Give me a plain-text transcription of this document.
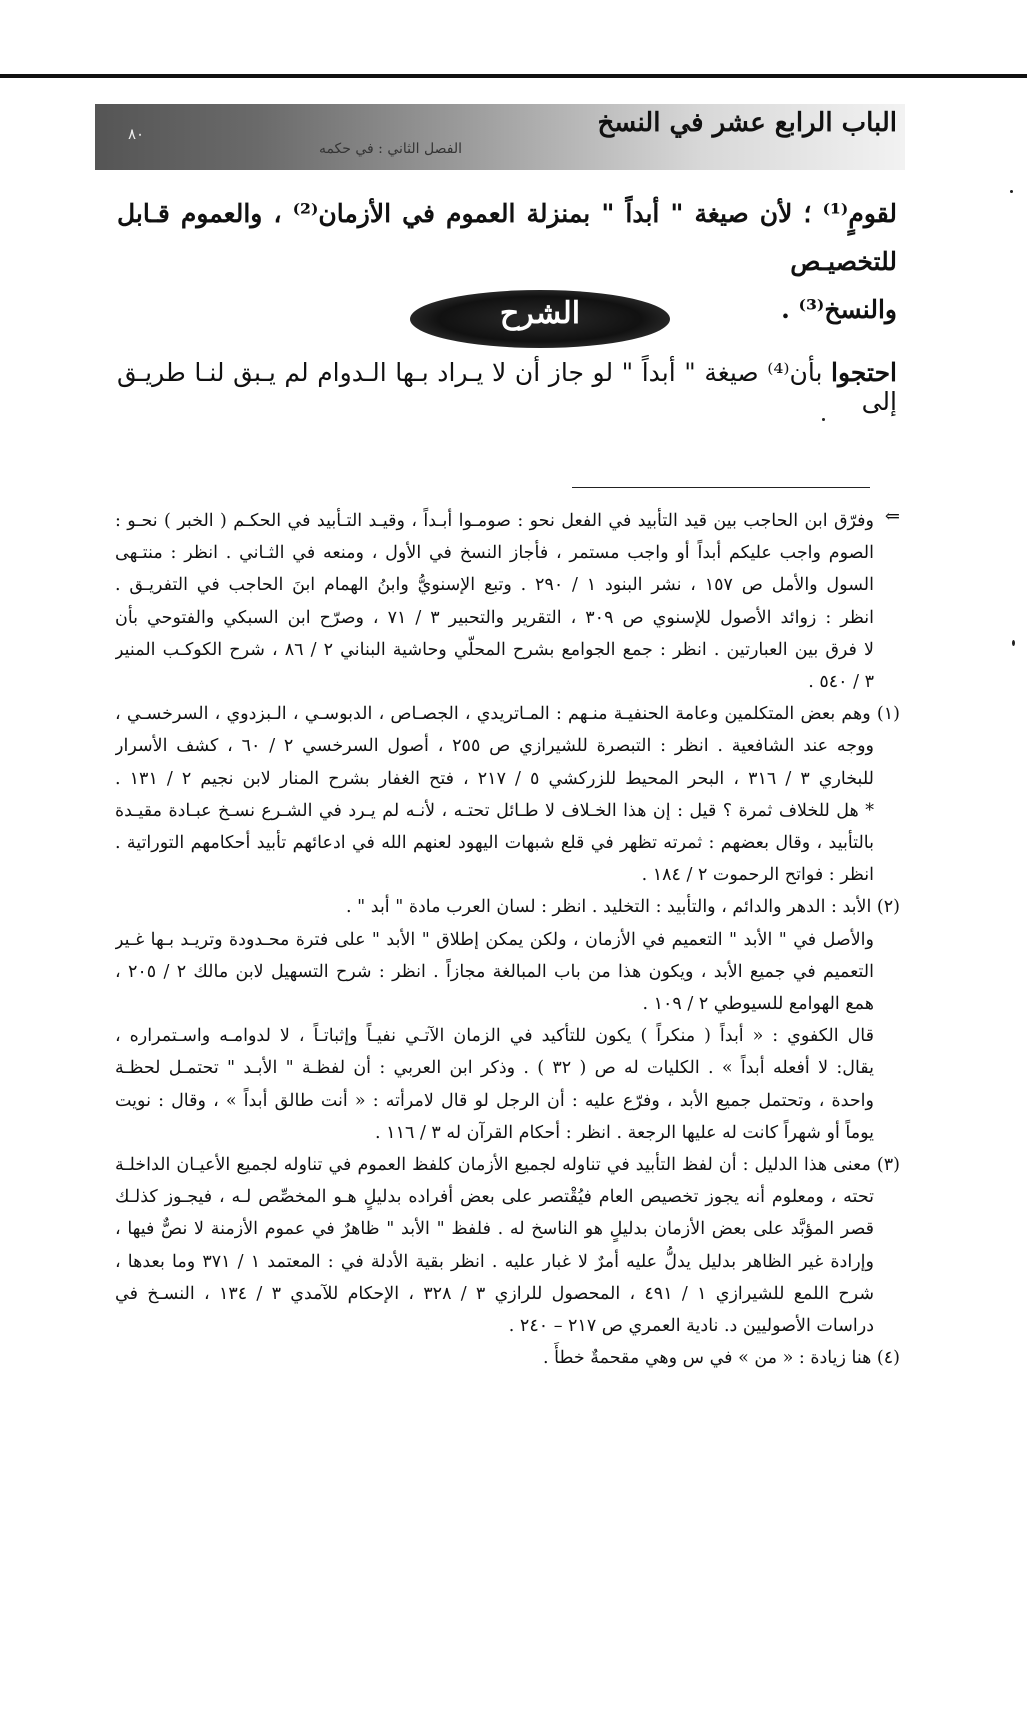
الباب الرابع عشر في النسخ
الفصل الثاني : في حكمه
٨٠
لقومٍ⁽¹⁾ ؛ لأن صيغة " أبداً " بمنزلة العموم في الأزمان⁽²⁾ ، والعموم قـابل للتخصيـص
والنسخ⁽³⁾ .
الشرح
احتجوا بأن⁽⁴⁾ صيغة " أبداً " لو جاز أن لا يـراد بـها الـدوام لم يـبق لنـا طريـق إلى
⇐
وفرّق ابن الحاجب بين قيد التأبيد في الفعل نحو : صومـوا أبـداً ، وقيـد التـأبيد في الحكـم ( الخبر ) نحـو :
الصوم واجب عليكم أبداً أو واجب مستمر ، فأجاز النسخ في الأول ، ومنعه في الثـاني . انظر : منتـهى
السول والأمل ص ١٥٧ ، نشر البنود ١ / ٢٩٠ . وتبع الإسنويُّ وابنُ الهمام ابنَ الحاجب في التفريـق .
انظر : زوائد الأصول للإسنوي ص ٣٠٩ ، التقرير والتحبير ٣ / ٧١ ، وصرّح ابن السبكي والفتوحي بأن
لا فرق بين العبارتين . انظر : جمع الجوامع بشرح المحلّي وحاشية البناني ٢ / ٨٦ ، شرح الكوكـب المنير
٣ / ٥٤٠ .
(١) وهم بعض المتكلمين وعامة الحنفيـة منـهم : المـاتريدي ، الجصـاص ، الدبوسـي ، الـبزدوي ، السرخسـي ،
ووجه عند الشافعية . انظر : التبصرة للشيرازي ص ٢٥٥ ، أصول السرخسي ٢ / ٦٠ ، كشف الأسرار
للبخاري ٣ / ٣١٦ ، البحر المحيط للزركشي ٥ / ٢١٧ ، فتح الغفار بشرح المنار لابن نجيم ٢ / ١٣١ .
* هل للخلاف ثمرة ؟ قيل : إن هذا الخـلاف لا طـائل تحتـه ، لأنـه لم يـرد في الشـرع نسـخ عبـادة مقيـدة
بالتأبيد ، وقال بعضهم : ثمرته تظهر في قلع شبهات اليهود لعنهم الله في ادعائهم تأبيد أحكامهم التوراتية .
انظر : فواتح الرحموت ٢ / ١٨٤ .
(٢) الأبد : الدهر والدائم ، والتأبيد : التخليد . انظر : لسان العرب مادة " أبد " .
والأصل في " الأبد " التعميم في الأزمان ، ولكن يمكن إطلاق " الأبد " على فترة محـدودة وتريـد بـها غـير
التعميم في جميع الأبد ، ويكون هذا من باب المبالغة مجازاً . انظر : شرح التسهيل لابن مالك ٢ / ٢٠٥ ،
همع الهوامع للسيوطي ٢ / ١٠٩ .
قال الكفوي : « أبداً ( منكراً ) يكون للتأكيد في الزمان الآتـي نفيـاً وإثباتـاً ، لا لدوامـه واسـتمراره ،
يقال: لا أفعله أبداً » . الكليات له ص ( ٣٢ ) . وذكر ابن العربي : أن لفظـة " الأبـد " تحتمـل لحظـة
واحدة ، وتحتمل جميع الأبد ، وفرّع عليه : أن الرجل لو قال لامرأته : « أنت طالق أبداً » ، وقال : نويت
يوماً أو شهراً كانت له عليها الرجعة . انظر : أحكام القرآن له ٣ / ١١٦ .
(٣) معنى هذا الدليل : أن لفظ التأبيد في تناوله لجميع الأزمان كلفظ العموم في تناوله لجميع الأعيـان الداخلـة
تحته ، ومعلوم أنه يجوز تخصيص العام فيُقْتصر على بعض أفراده بدليلٍ هـو المخصِّص لـه ، فيجـوز كذلـك
قصر المؤبَّد على بعض الأزمان بدليلٍ هو الناسخ له . فلفظ " الأبد " ظاهرٌ في عموم الأزمنة لا نصٌّ فيها ،
وإرادة غير الظاهر بدليل يدلُّ عليه أمرٌ لا غبار عليه . انظر بقية الأدلة في : المعتمد ١ / ٣٧١ وما بعدها ،
شرح اللمع للشيرازي ١ / ٤٩١ ، المحصول للرازي ٣ / ٣٢٨ ، الإحكام للآمدي ٣ / ١٣٤ ، النسـخ في
دراسات الأصوليين د. نادية العمري ص ٢١٧ – ٢٤٠ .
(٤) هنا زيادة : « من » في س وهي مقحمةٌ خطأً .
